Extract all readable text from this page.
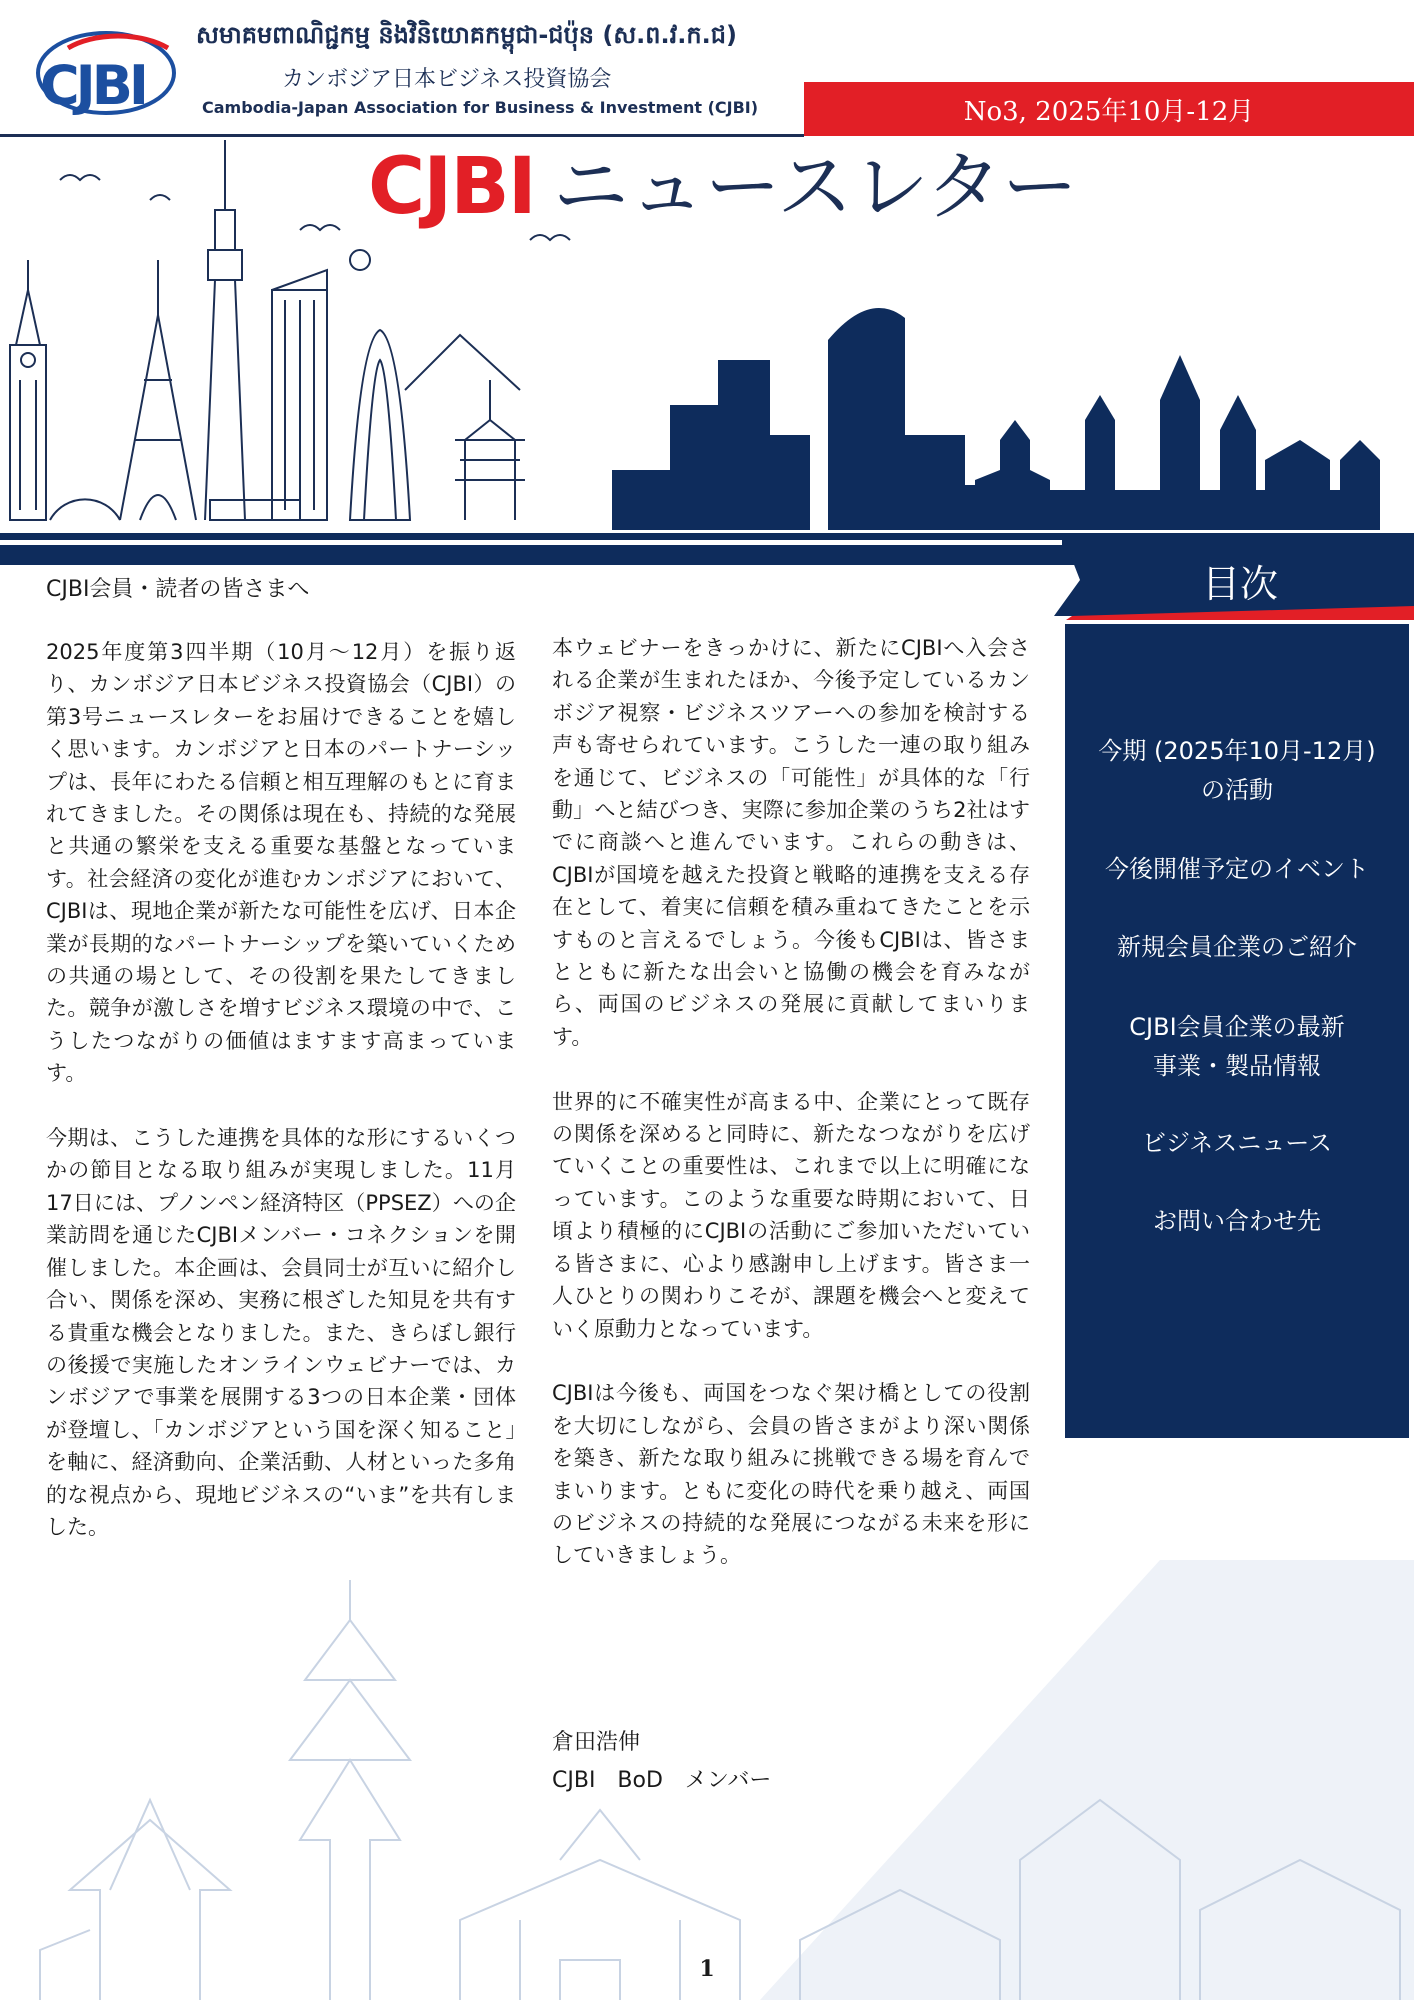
CJBI
សមាគមពាណិជ្ជកម្ម និងវិនិយោគកម្ពុជា-ជប៉ុន (ស.ព.វ.ក.ជ)
カンボジア日本ビジネス投資協会
Cambodia-Japan Association for Business & Investment (CJBI)	No3, 2025年10月-12月
CJBI ニュースレター
CJBI会員・読者の皆さまへ

2025年度第3四半期（10月〜12月）を振り返り、カンボジア日本ビジネス投資協会（CJBI）の第3号ニュースレターをお届けできることを嬉しく思います。カンボジアと日本のパートナーシップは、長年にわたる信頼と相互理解のもとに育まれてきました。その関係は現在も、持続的な発展と共通の繁栄を支える重要な基盤となっています。社会経済の変化が進むカンボジアにおいて、CJBIは、現地企業が新たな可能性を広げ、日本企業が長期的なパートナーシップを築いていくための共通の場として、その役割を果たしてきました。競争が激しさを増すビジネス環境の中で、こうしたつながりの価値はますます高まっています。

今期は、こうした連携を具体的な形にするいくつかの節目となる取り組みが実現しました。11月17日には、プノンペン経済特区（PPSEZ）への企業訪問を通じたCJBIメンバー・コネクションを開催しました。本企画は、会員同士が互いに紹介し合い、関係を深め、実務に根ざした知見を共有する貴重な機会となりました。また、きらぼし銀行の後援で実施したオンラインウェビナーでは、カンボジアで事業を展開する3つの日本企業・団体が登壇し、「カンボジアという国を深く知ること」を軸に、経済動向、企業活動、人材といった多角的な視点から、現地ビジネスの“いま”を共有しました。

本ウェビナーをきっかけに、新たにCJBIへ入会される企業が生まれたほか、今後予定しているカンボジア視察・ビジネスツアーへの参加を検討する声も寄せられています。こうした一連の取り組みを通じて、ビジネスの「可能性」が具体的な「行動」へと結びつき、実際に参加企業のうち2社はすでに商談へと進んでいます。これらの動きは、CJBIが国境を越えた投資と戦略的連携を支える存在として、着実に信頼を積み重ねてきたことを示すものと言えるでしょう。今後もCJBIは、皆さまとともに新たな出会いと協働の機会を育みながら、両国のビジネスの発展に貢献してまいります。

世界的に不確実性が高まる中、企業にとって既存の関係を深めると同時に、新たなつながりを広げていくことの重要性は、これまで以上に明確になっています。このような重要な時期において、日頃より積極的にCJBIの活動にご参加いただいている皆さまに、心より感謝申し上げます。皆さま一人ひとりの関わりこそが、課題を機会へと変えていく原動力となっています。

CJBIは今後も、両国をつなぐ架け橋としての役割を大切にしながら、会員の皆さまがより深い関係を築き、新たな取り組みに挑戦できる場を育んでまいります。ともに変化の時代を乗り越え、両国のビジネスの持続的な発展につながる未来を形にしていきましょう。

倉田浩伸
CJBI　BoD　メンバー
目次
今期 (2025年10月‐12月)
の活動
今後開催予定のイベント
新規会員企業のご紹介
CJBI会員企業の最新
事業・製品情報
ビジネスニュース
お問い合わせ先
1
